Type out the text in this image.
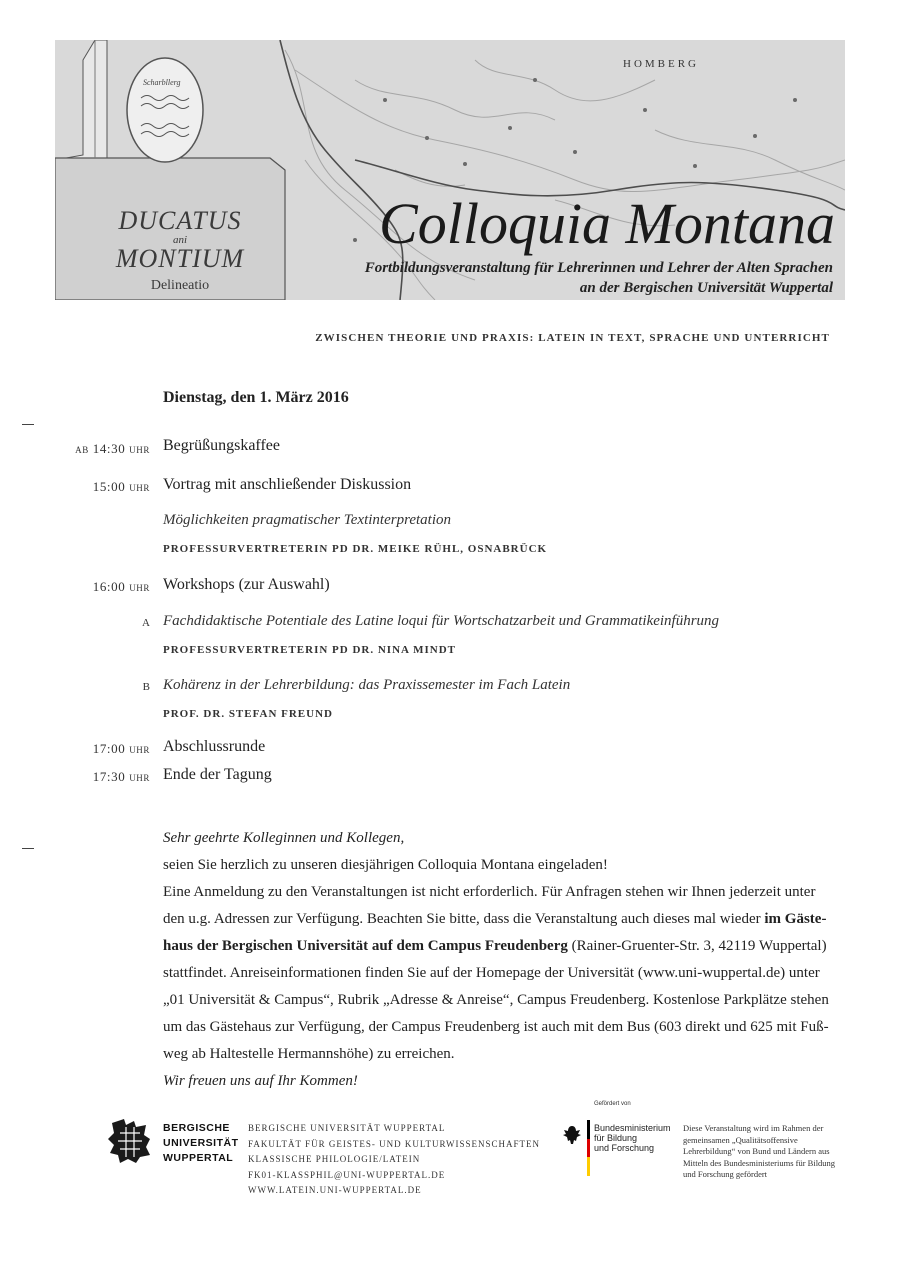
DUCATUS
ani
MONTIUM
Delineatio
Scharbllerg
HOMBERG
Colloquia Montana
Fortbildungsveranstaltung für Lehrerinnen und Lehrer der Alten Sprachen
an der Bergischen Universität Wuppertal
ZWISCHEN THEORIE UND PRAXIS: LATEIN IN TEXT, SPRACHE UND UNTERRICHT
Dienstag, den 1. März 2016
ab 14:30 uhr Begrüßungskaffee
15:00 uhr Vortrag mit anschließender Diskussion
Möglichkeiten pragmatischer Textinterpretation
PROFESSURVERTRETERIN PD DR. MEIKE RÜHL, OSNABRÜCK
16:00 uhr Workshops (zur Auswahl)
A Fachdidaktische Potentiale des Latine loqui für Wortschatzarbeit und Grammatikeinführung
PROFESSURVERTRETERIN PD DR. NINA MINDT
B Kohärenz in der Lehrerbildung: das Praxissemester im Fach Latein
PROF. DR. STEFAN FREUND
17:00 uhr Abschlussrunde
17:30 uhr Ende der Tagung
Sehr geehrte Kolleginnen und Kollegen,
seien Sie herzlich zu unseren diesjährigen Colloquia Montana eingeladen!
Eine Anmeldung zu den Veranstaltungen ist nicht erforderlich. Für Anfragen stehen wir Ihnen jederzeit unter
den u.g. Adressen zur Verfügung. Beachten Sie bitte, dass die Veranstaltung auch dieses mal wieder im Gäste-
haus der Bergischen Universität auf dem Campus Freudenberg (Rainer-Gruenter-Str. 3, 42119 Wuppertal)
stattfindet. Anreiseinformationen finden Sie auf der Homepage der Universität (www.uni-wuppertal.de) unter
„01 Universität & Campus“, Rubrik „Adresse & Anreise“, Campus Freudenberg. Kostenlose Parkplätze stehen
um das Gästehaus zur Verfügung, der Campus Freudenberg ist auch mit dem Bus (603 direkt und 625 mit Fuß-
weg ab Haltestelle Hermannshöhe) zu erreichen.
Wir freuen uns auf Ihr Kommen!
BERGISCHE
UNIVERSITÄT
WUPPERTAL
BERGISCHE UNIVERSITÄT WUPPERTAL
FAKULTÄT FÜR GEISTES- UND KULTURWISSENSCHAFTEN
KLASSISCHE PHILOLOGIE/LATEIN
FK01-KLASSPHIL@UNI-WUPPERTAL.DE
WWW.LATEIN.UNI-WUPPERTAL.DE
Gefördert von
Bundesministerium
für Bildung
und Forschung
Diese Veranstaltung wird im Rahmen der gemeinsamen „Qualitätsoffensive Lehrerbildung“ von Bund und Ländern aus Mitteln des Bundesministeriums für Bildung und Forschung gefördert
